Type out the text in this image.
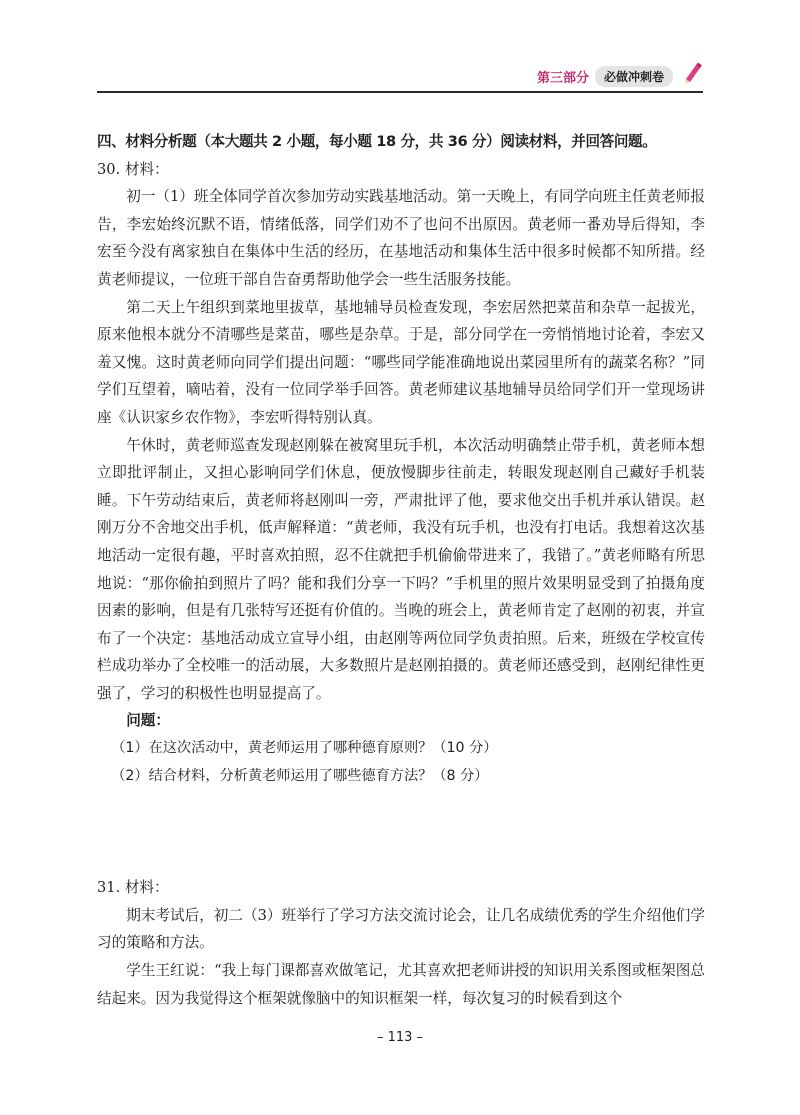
第三部分	必做冲刺卷

四、材料分析题（本大题共 2 小题，每小题 18 分，共 36 分）阅读材料，并回答问题。

30. 材料：

初一（1）班全体同学首次参加劳动实践基地活动。第一天晚上，有同学向班主任黄老师报告，李宏始终沉默不语，情绪低落，同学们劝不了也问不出原因。黄老师一番劝导后得知，李宏至今没有离家独自在集体中生活的经历，在基地活动和集体生活中很多时候都不知所措。经黄老师提议，一位班干部自告奋勇帮助他学会一些生活服务技能。

第二天上午组织到菜地里拔草，基地辅导员检查发现，李宏居然把菜苗和杂草一起拔光，原来他根本就分不清哪些是菜苗，哪些是杂草。于是，部分同学在一旁悄悄地讨论着，李宏又羞又愧。这时黄老师向同学们提出问题：“哪些同学能准确地说出菜园里所有的蔬菜名称？”同学们互望着，嘀咕着，没有一位同学举手回答。黄老师建议基地辅导员给同学们开一堂现场讲座《认识家乡农作物》，李宏听得特别认真。

午休时，黄老师巡查发现赵刚躲在被窝里玩手机，本次活动明确禁止带手机，黄老师本想立即批评制止，又担心影响同学们休息，便放慢脚步往前走，转眼发现赵刚自己藏好手机装睡。下午劳动结束后，黄老师将赵刚叫一旁，严肃批评了他，要求他交出手机并承认错误。赵刚万分不舍地交出手机，低声解释道：“黄老师，我没有玩手机，也没有打电话。我想着这次基地活动一定很有趣，平时喜欢拍照，忍不住就把手机偷偷带进来了，我错了。”黄老师略有所思地说：“那你偷拍到照片了吗？能和我们分享一下吗？”手机里的照片效果明显受到了拍摄角度因素的影响，但是有几张特写还挺有价值的。当晚的班会上，黄老师肯定了赵刚的初衷，并宣布了一个决定：基地活动成立宣导小组，由赵刚等两位同学负责拍照。后来，班级在学校宣传栏成功举办了全校唯一的活动展，大多数照片是赵刚拍摄的。黄老师还感受到，赵刚纪律性更强了，学习的积极性也明显提高了。

问题：

（1）在这次活动中，黄老师运用了哪种德育原则？（10 分）

（2）结合材料，分析黄老师运用了哪些德育方法？（8 分）

31. 材料：

期末考试后，初二（3）班举行了学习方法交流讨论会，让几名成绩优秀的学生介绍他们学习的策略和方法。

学生王红说：“我上每门课都喜欢做笔记，尤其喜欢把老师讲授的知识用关系图或框架图总结起来。因为我觉得这个框架就像脑中的知识框架一样，每次复习的时候看到这个

– 113 –
